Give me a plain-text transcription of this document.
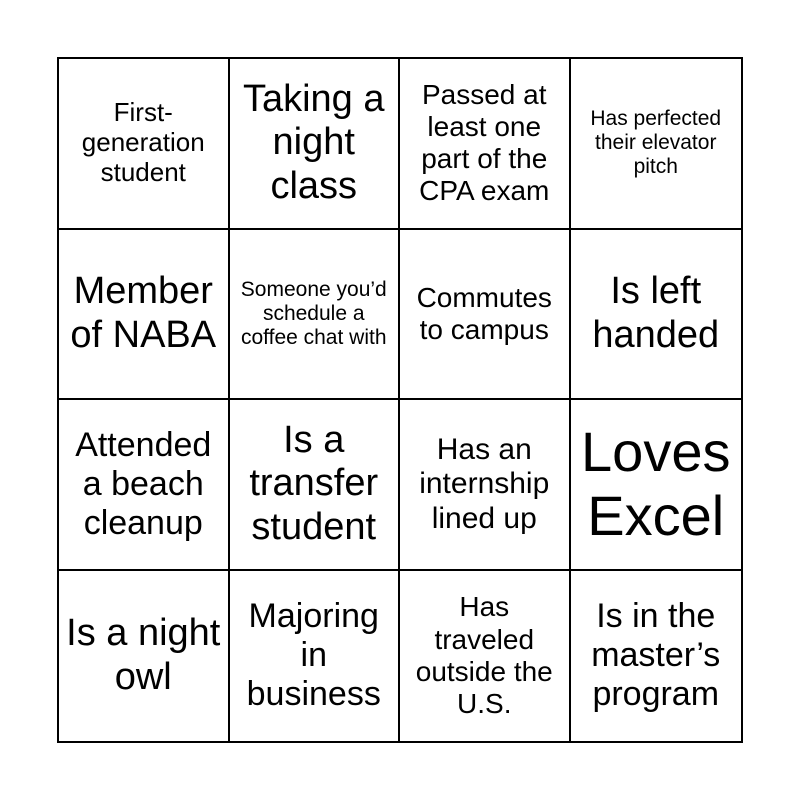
First-generation student
Taking a night class
Passed at least one part of the CPA exam
Has perfected their elevator pitch
Member of NABA
Someone you’d schedule a coffee chat with
Commutes to campus
Is left handed
Attended a beach cleanup
Is a transfer student
Has an internship lined up
Loves Excel
Is a night owl
Majoring in business
Has traveled outside the U.S.
Is in the master’s program
